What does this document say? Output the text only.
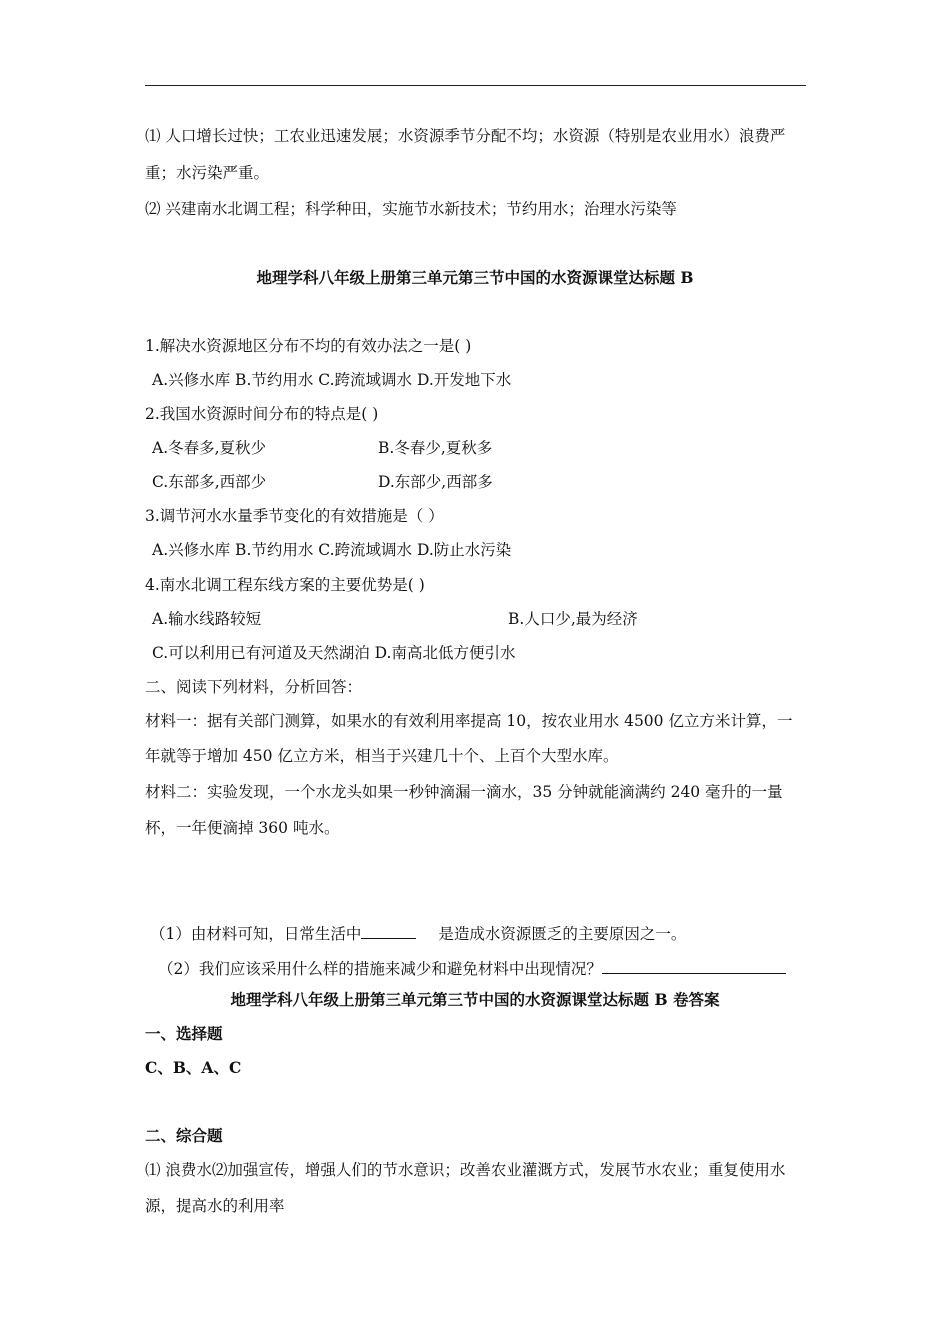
⑴ 人口增长过快；工农业迅速发展；水资源季节分配不均；水资源（特别是农业用水）浪费严
重；水污染严重。
⑵ 兴建南水北调工程；科学种田，实施节水新技术；节约用水；治理水污染等
地理学科八年级上册第三单元第三节中国的水资源课堂达标题 B
1.解决水资源地区分布不均的有效办法之一是( )
A.兴修水库 B.节约用水 C.跨流域调水 D.开发地下水
2.我国水资源时间分布的特点是( )
A.冬春多,夏秋少	B.冬春少,夏秋多
C.东部多,西部少	D.东部少,西部多
3.调节河水水量季节变化的有效措施是（ ）
A.兴修水库 B.节约用水 C.跨流域调水 D.防止水污染
4.南水北调工程东线方案的主要优势是( )
A.输水线路较短	B.人口少,最为经济
C.可以利用已有河道及天然湖泊 D.南高北低方便引水
二、阅读下列材料，分析回答：
材料一：据有关部门测算，如果水的有效利用率提高 10，按农业用水 4500 亿立方米计算，一
年就等于增加 450 亿立方米，相当于兴建几十个、上百个大型水库。
材料二：实验发现，一个水龙头如果一秒钟滴漏一滴水，35 分钟就能滴满约 240 毫升的一量
杯，一年便滴掉 360 吨水。
（1）由材料可知，日常生活中	是造成水资源匮乏的主要原因之一。
（2）我们应该采用什么样的措施来减少和避免材料中出现情况？
地理学科八年级上册第三单元第三节中国的水资源课堂达标题 B 卷答案
一、选择题
C、B、A、C
二、综合题
⑴ 浪费水⑵加强宣传，增强人们的节水意识；改善农业灌溉方式，发展节水农业；重复使用水
源，提高水的利用率
